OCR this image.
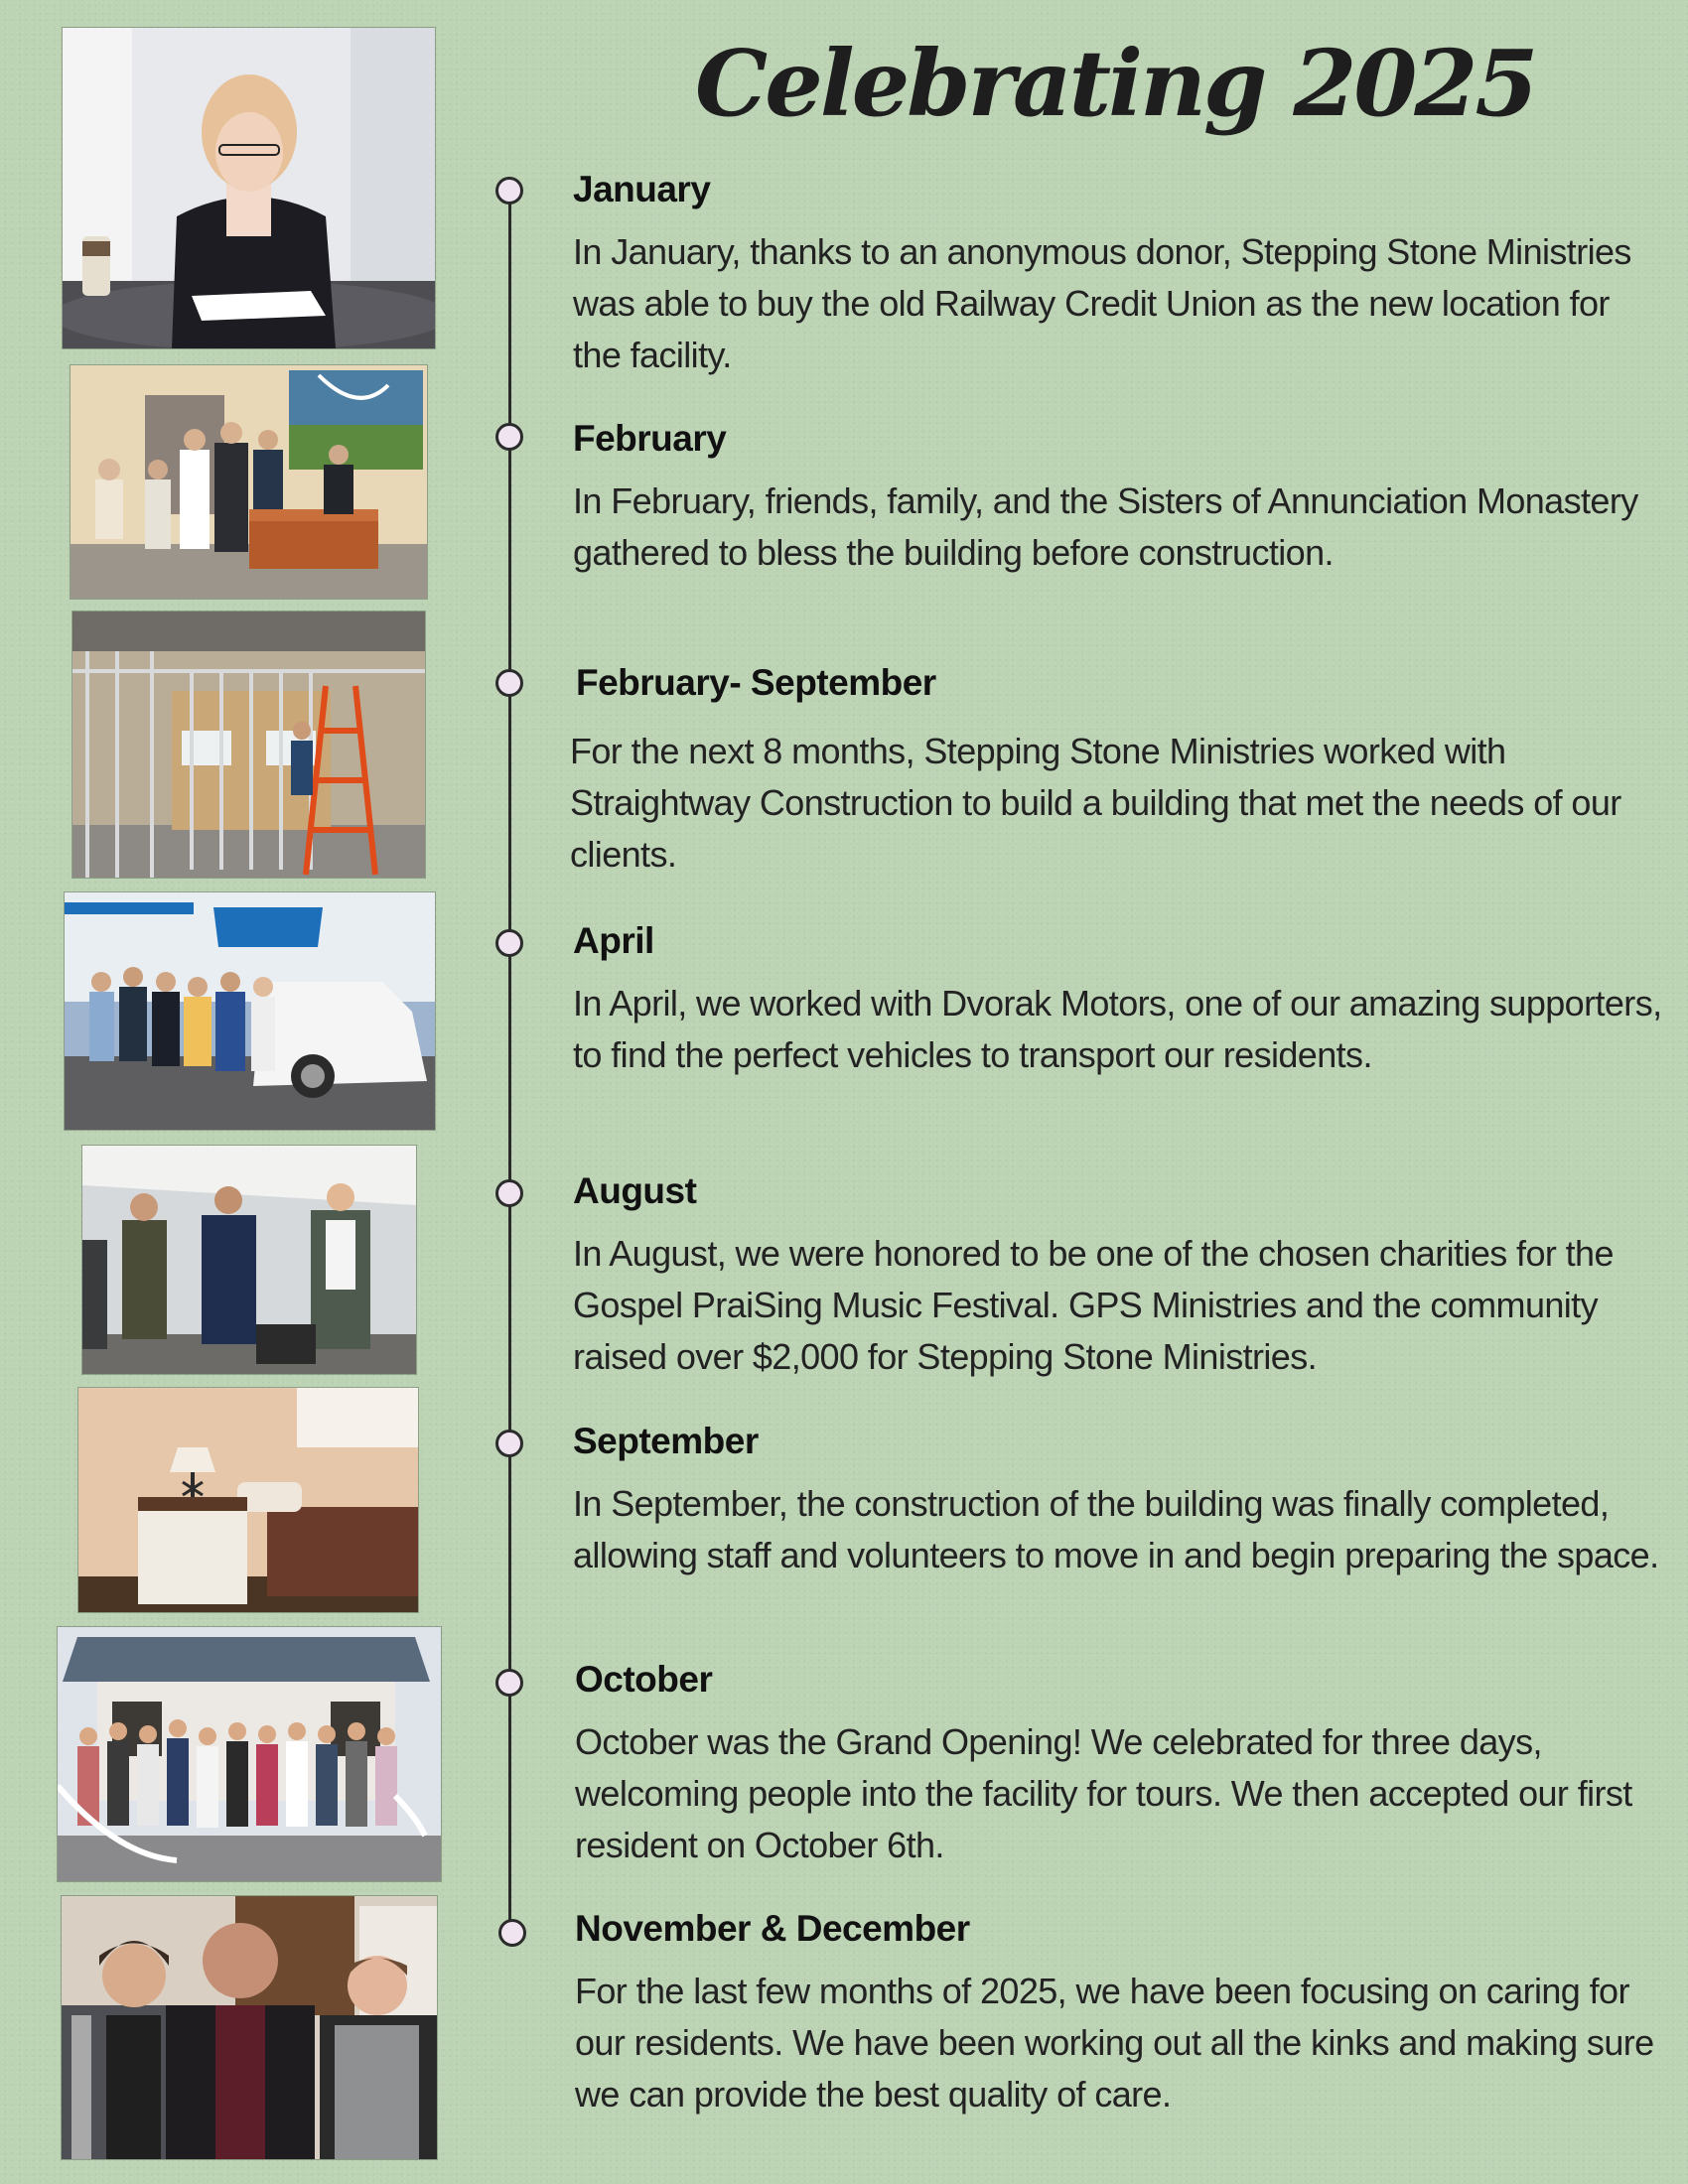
Celebrating 2025
January

In January, thanks to an anonymous donor, Stepping Stone Ministries was able to buy the old Railway Credit Union as the new location for the facility.

February

In February, friends, family, and the Sisters of Annunciation Monastery gathered to bless the building before construction.

February- September

For the next 8 months, Stepping Stone Ministries worked with Straightway Construction to build a building that met the needs of our clients.

April

In April, we worked with Dvorak Motors, one of our amazing supporters, to find the perfect vehicles to transport our residents.

August

In August, we were honored to be one of the chosen charities for the Gospel PraiSing Music Festival. GPS Ministries and the community raised over $2,000 for Stepping Stone Ministries.

September

In September, the construction of the building was finally completed, allowing staff and volunteers to move in and begin preparing the space.

October

October was the Grand Opening! We celebrated for three days, welcoming people into the facility for tours. We then accepted our first resident on October 6th.

November & December

For the last few months of 2025, we have been focusing on caring for our residents. We have been working out all the kinks and making sure we can provide the best quality of care.
